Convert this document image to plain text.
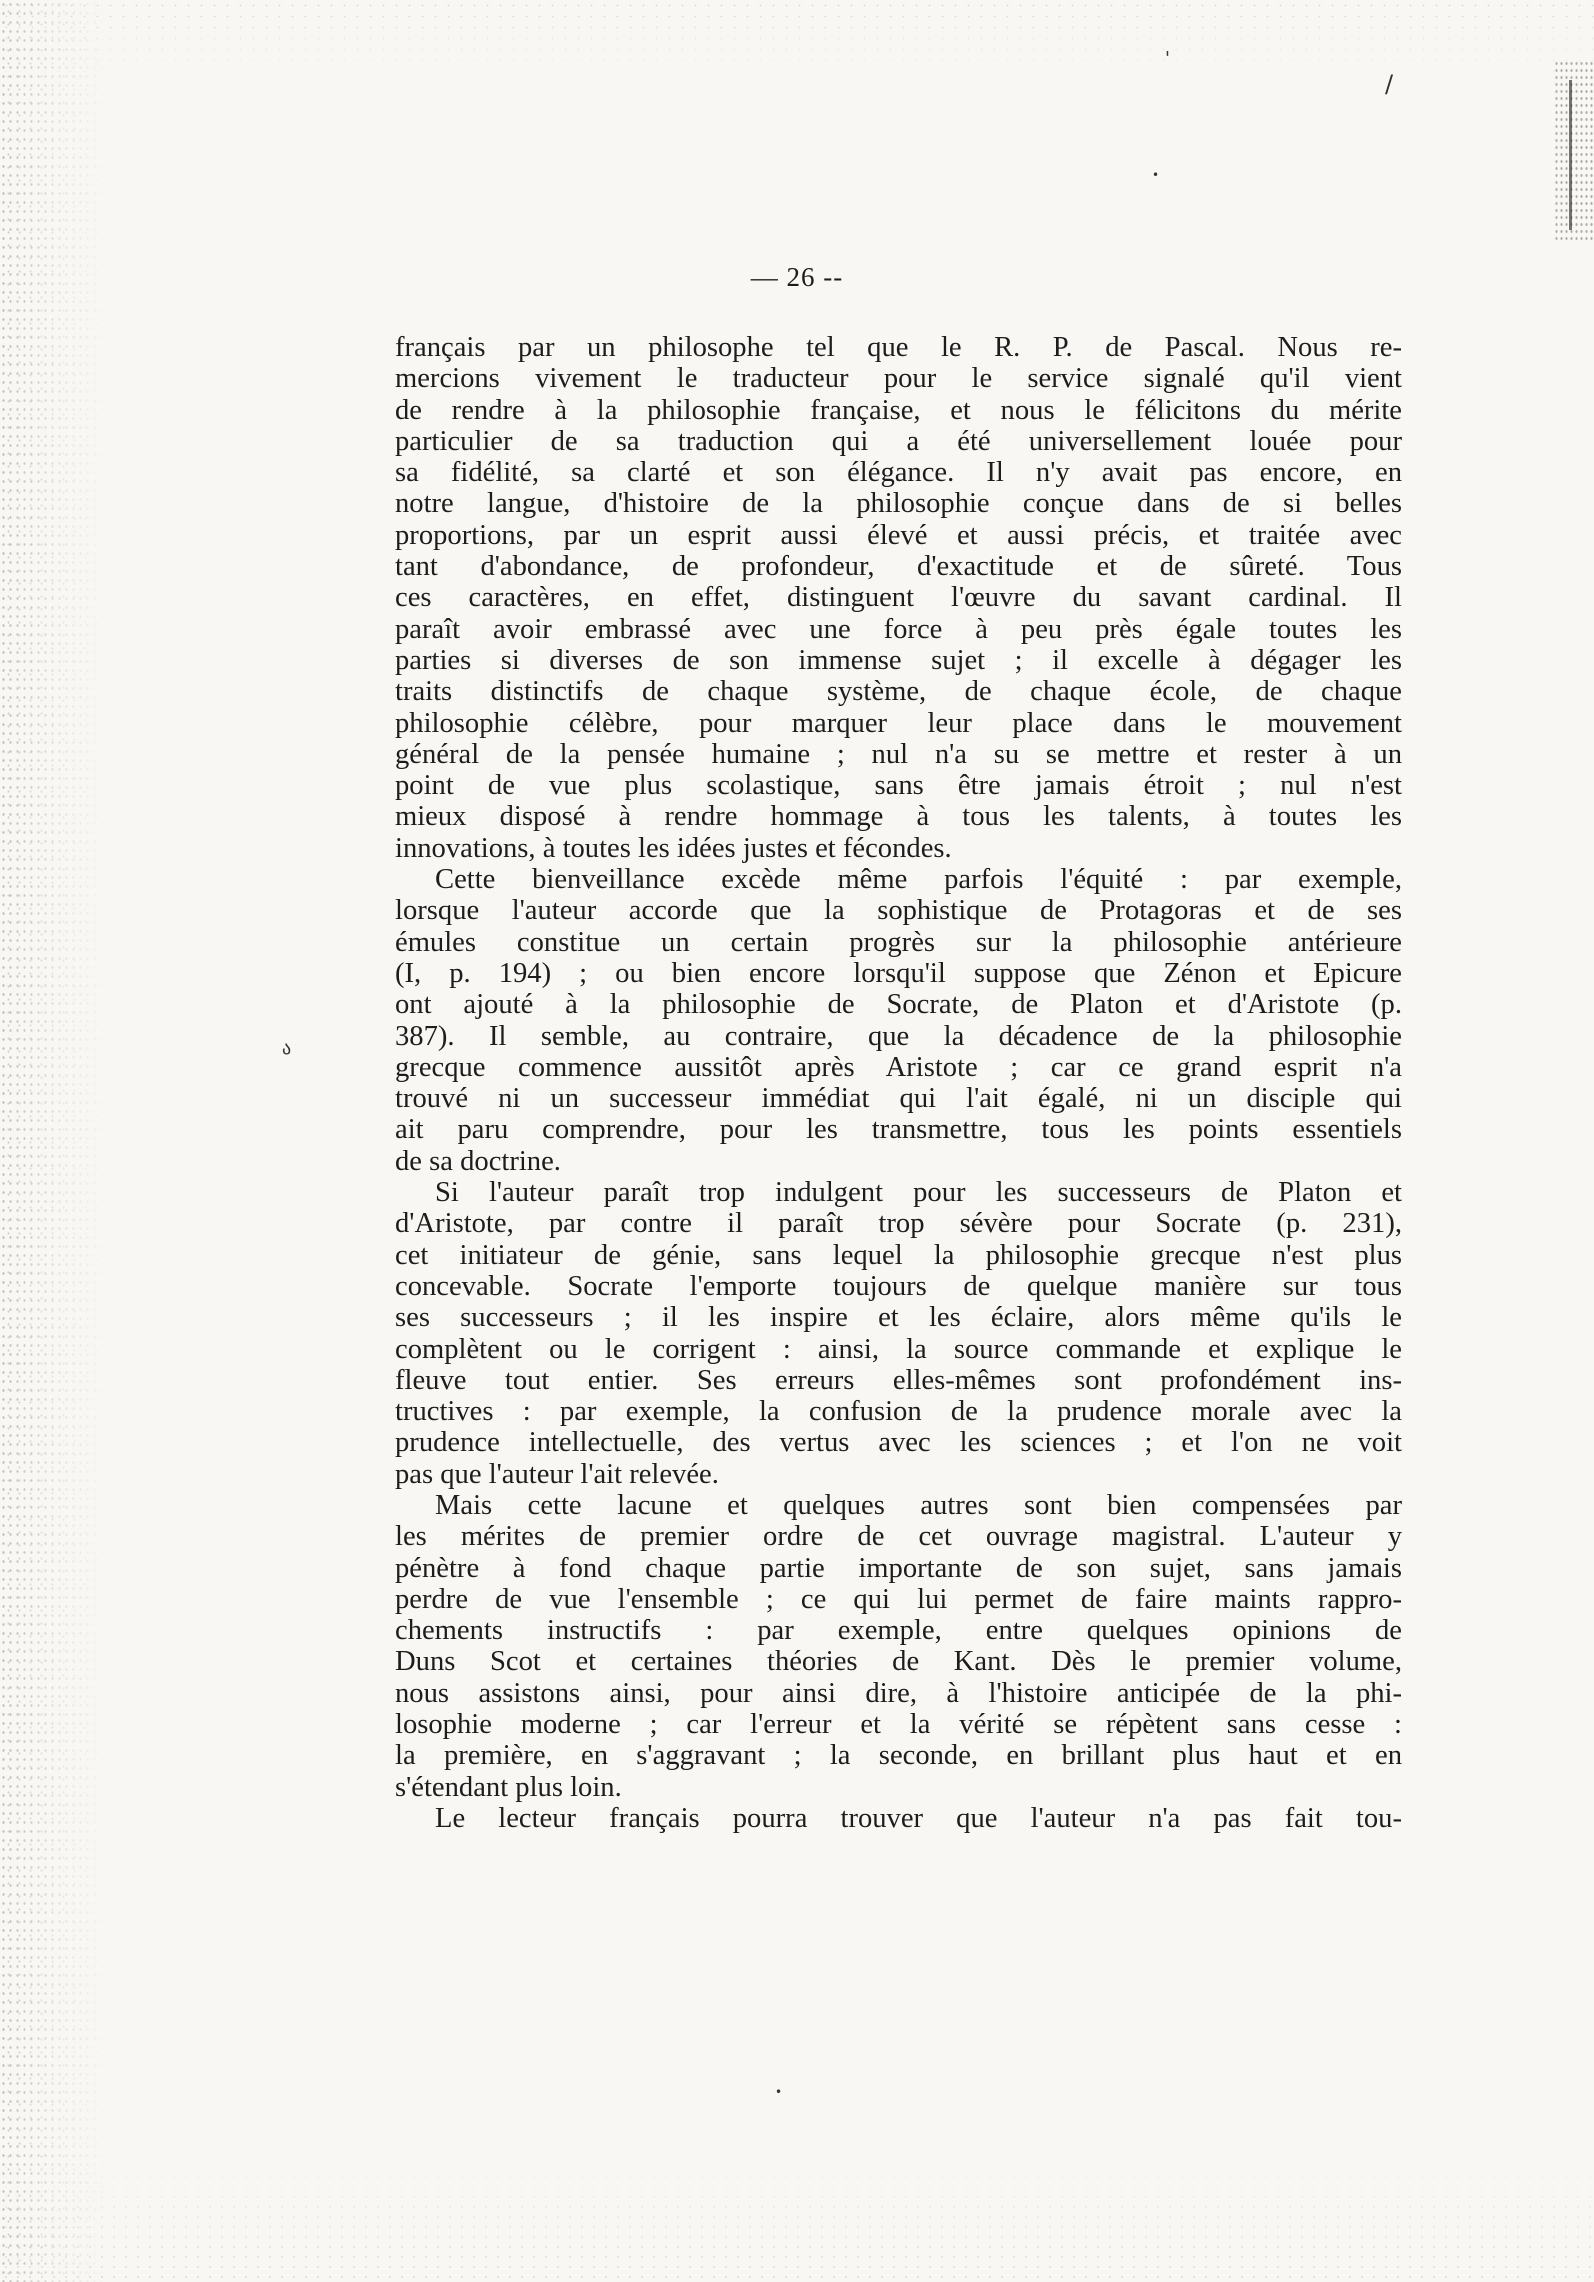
'
/
•
ა
•
— 26 --
français par un philosophe tel que le R. P. de Pascal. Nous re-
mercions vivement le traducteur pour le service signalé qu'il vient
de rendre à la philosophie française, et nous le félicitons du mérite
particulier de sa traduction qui a été universellement louée pour
sa fidélité, sa clarté et son élégance. Il n'y avait pas encore, en
notre langue, d'histoire de la philosophie conçue dans de si belles
proportions, par un esprit aussi élevé et aussi précis, et traitée avec
tant d'abondance, de profondeur, d'exactitude et de sûreté. Tous
ces caractères, en effet, distinguent l'œuvre du savant cardinal. Il
paraît avoir embrassé avec une force à peu près égale toutes les
parties si diverses de son immense sujet ; il excelle à dégager les
traits distinctifs de chaque système, de chaque école, de chaque
philosophie célèbre, pour marquer leur place dans le mouvement
général de la pensée humaine ; nul n'a su se mettre et rester à un
point de vue plus scolastique, sans être jamais étroit ; nul n'est
mieux disposé à rendre hommage à tous les talents, à toutes les
innovations, à toutes les idées justes et fécondes.
Cette bienveillance excède même parfois l'équité : par exemple,
lorsque l'auteur accorde que la sophistique de Protagoras et de ses
émules constitue un certain progrès sur la philosophie antérieure
(I, p. 194) ; ou bien encore lorsqu'il suppose que Zénon et Epicure
ont ajouté à la philosophie de Socrate, de Platon et d'Aristote (p.
387). Il semble, au contraire, que la décadence de la philosophie
grecque commence aussitôt après Aristote ; car ce grand esprit n'a
trouvé ni un successeur immédiat qui l'ait égalé, ni un disciple qui
ait paru comprendre, pour les transmettre, tous les points essentiels
de sa doctrine.
Si l'auteur paraît trop indulgent pour les successeurs de Platon et
d'Aristote, par contre il paraît trop sévère pour Socrate (p. 231),
cet initiateur de génie, sans lequel la philosophie grecque n'est plus
concevable. Socrate l'emporte toujours de quelque manière sur tous
ses successeurs ; il les inspire et les éclaire, alors même qu'ils le
complètent ou le corrigent : ainsi, la source commande et explique le
fleuve tout entier. Ses erreurs elles-mêmes sont profondément ins-
tructives : par exemple, la confusion de la prudence morale avec la
prudence intellectuelle, des vertus avec les sciences ; et l'on ne voit
pas que l'auteur l'ait relevée.
Mais cette lacune et quelques autres sont bien compensées par
les mérites de premier ordre de cet ouvrage magistral. L'auteur y
pénètre à fond chaque partie importante de son sujet, sans jamais
perdre de vue l'ensemble ; ce qui lui permet de faire maints rappro-
chements instructifs : par exemple, entre quelques opinions de
Duns Scot et certaines théories de Kant. Dès le premier volume,
nous assistons ainsi, pour ainsi dire, à l'histoire anticipée de la phi-
losophie moderne ; car l'erreur et la vérité se répètent sans cesse :
la première, en s'aggravant ; la seconde, en brillant plus haut et en
s'étendant plus loin.
Le lecteur français pourra trouver que l'auteur n'a pas fait tou-
